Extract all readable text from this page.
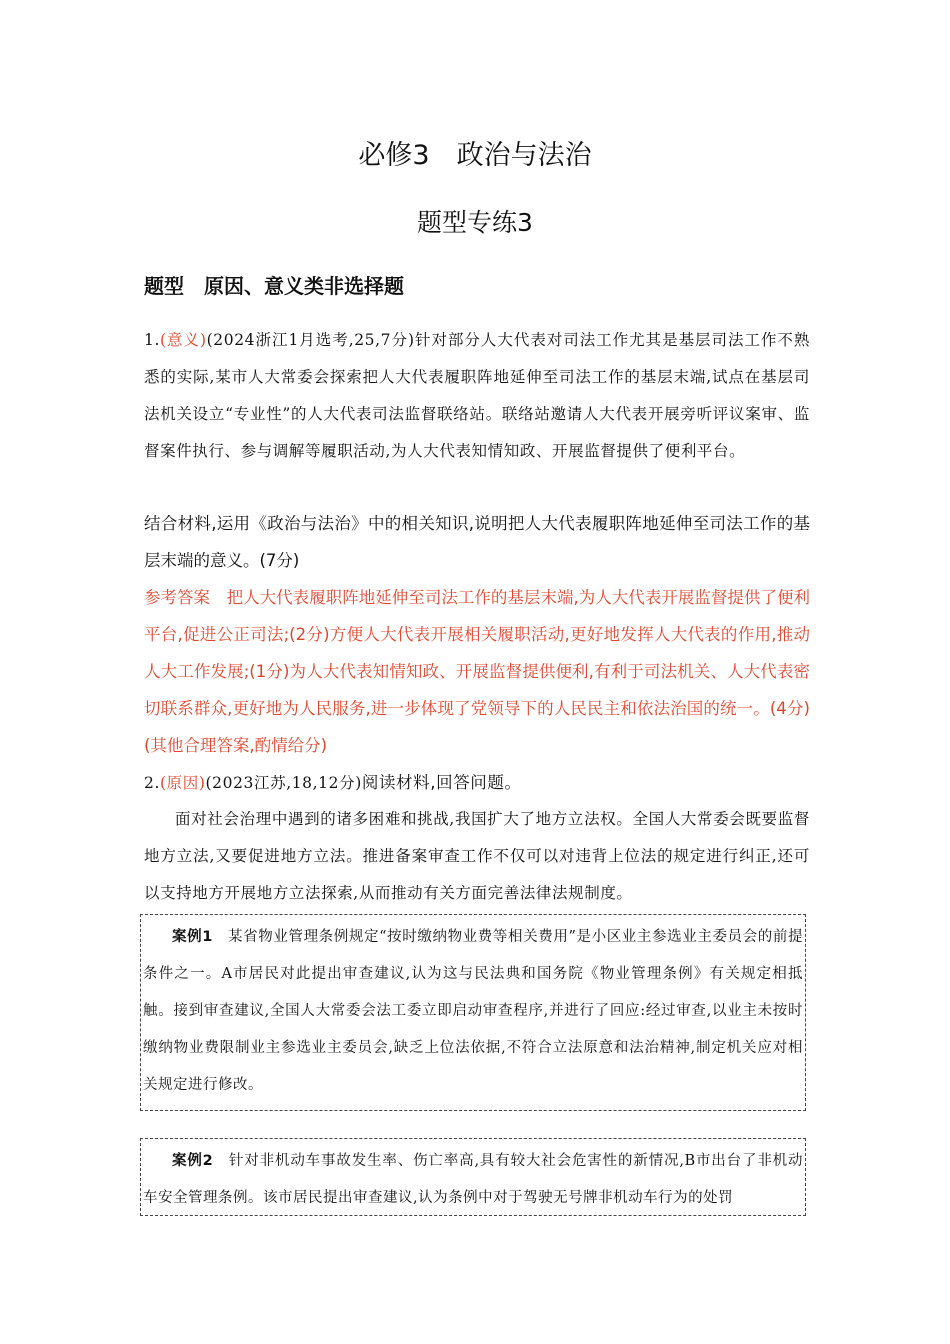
必修3　政治与法治
题型专练3
题型　原因、意义类非选择题

1.(意义)(2024浙江1月选考,25,7分)针对部分人大代表对司法工作尤其是基层司法工作不熟悉的实际,某市人大常委会探索把人大代表履职阵地延伸至司法工作的基层末端,试点在基层司法机关设立“专业性”的人大代表司法监督联络站。联络站邀请人大代表开展旁听评议案审、监督案件执行、参与调解等履职活动,为人大代表知情知政、开展监督提供了便利平台。

结合材料,运用《政治与法治》中的相关知识,说明把人大代表履职阵地延伸至司法工作的基层末端的意义。(7分)

参考答案　把人大代表履职阵地延伸至司法工作的基层末端,为人大代表开展监督提供了便利平台,促进公正司法;(2分)方便人大代表开展相关履职活动,更好地发挥人大代表的作用,推动人大工作发展;(1分)为人大代表知情知政、开展监督提供便利,有利于司法机关、人大代表密切联系群众,更好地为人民服务,进一步体现了党领导下的人民民主和依法治国的统一。(4分)(其他合理答案,酌情给分)

2.(原因)(2023江苏,18,12分)阅读材料,回答问题。

面对社会治理中遇到的诸多困难和挑战,我国扩大了地方立法权。全国人大常委会既要监督地方立法,又要促进地方立法。推进备案审查工作不仅可以对违背上位法的规定进行纠正,还可以支持地方开展地方立法探索,从而推动有关方面完善法律法规制度。

案例1　 某省物业管理条例规定“按时缴纳物业费等相关费用”是小区业主参选业主委员会的前提条件之一。A市居民对此提出审查建议,认为这与民法典和国务院《物业管理条例》有关规定相抵触。接到审查建议,全国人大常委会法工委立即启动审查程序,并进行了回应:经过审查,以业主未按时缴纳物业费限制业主参选业主委员会,缺乏上位法依据,不符合立法原意和法治精神,制定机关应对相关规定进行修改。

案例2　 针对非机动车事故发生率、伤亡率高,具有较大社会危害性的新情况,B市出台了非机动车安全管理条例。该市居民提出审查建议,认为条例中对于驾驶无号牌非机动车行为的处罚
